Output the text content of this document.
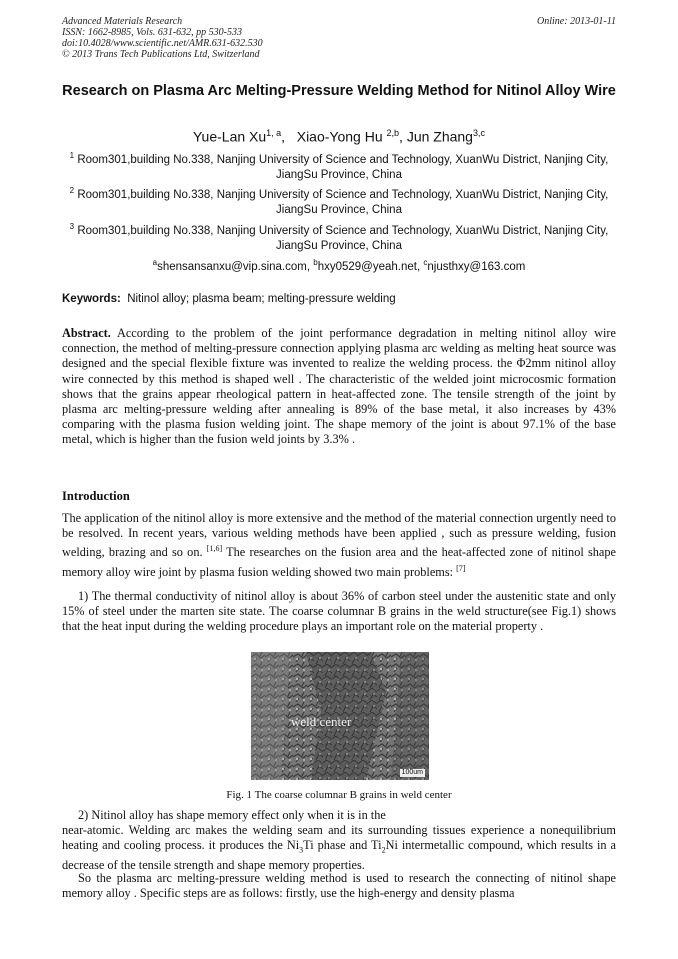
Advanced Materials Research
ISSN: 1662-8985, Vols. 631-632, pp 530-533
doi:10.4028/www.scientific.net/AMR.631-632.530
© 2013 Trans Tech Publications Ltd, Switzerland
Online: 2013-01-11
Research on Plasma Arc Melting-Pressure Welding Method for Nitinol Alloy Wire
Yue-Lan Xu$^{1, a}$,   Xiao-Yong Hu $^{2,b}$, Jun Zhang$^{3,c}$
$^1$ Room301,building No.338, Nanjing University of Science and Technology, XuanWu District, Nanjing City, JiangSu Province, China
$^2$ Room301,building No.338, Nanjing University of Science and Technology, XuanWu District, Nanjing City, JiangSu Province, China
$^3$ Room301,building No.338, Nanjing University of Science and Technology, XuanWu District, Nanjing City, JiangSu Province, China
$^a$shensansanxu@vip.sina.com, $^b$hxy0529@yeah.net, $^c$njusthxy@163.com
Keywords: Nitinol alloy; plasma beam; melting-pressure welding
Abstract. According to the problem of the joint performance degradation in melting nitinol alloy wire connection, the method of melting-pressure connection applying plasma arc welding as melting heat source was designed and the special flexible fixture was invented to realize the welding process. the Φ2mm nitinol alloy wire connected by this method is shaped well . The characteristic of the welded joint microcosmic formation shows that the grains appear rheological pattern in heat-affected zone. The tensile strength of the joint by plasma arc melting-pressure welding after annealing is 89% of the base metal, it also increases by 43% comparing with the plasma fusion welding joint. The shape memory of the joint is about 97.1% of the base metal, which is higher than the fusion weld joints by 3.3% .
Introduction
The application of the nitinol alloy is more extensive and the method of the material connection urgently need to be resolved. In recent years, various welding methods have been applied , such as pressure welding, fusion welding, brazing and so on. [1,6] The researches on the fusion area and the heat-affected zone of nitinol shape memory alloy wire joint by plasma fusion welding showed two main problems: [7]
1) The thermal conductivity of nitinol alloy is about 36% of carbon steel under the austenitic state and only 15% of steel under the marten site state. The coarse columnar B grains in the weld structure(see Fig.1) shows that the heat input during the welding procedure plays an important role on the material property .
weld center
100um
Fig. 1 The coarse columnar B grains in weld center
2) Nitinol alloy has shape memory effect only when it is in the
near-atomic. Welding arc makes the welding seam and its surrounding tissues experience a nonequilibrium heating and cooling process. it produces the $Ni_3Ti$ phase and $Ti_2Ni$ intermetallic compound, which results in a decrease of the tensile strength and shape memory properties.
So the plasma arc melting-pressure welding method is used to research the connecting of nitinol shape memory alloy . Specific steps are as follows: firstly, use the high-energy and density plasma
